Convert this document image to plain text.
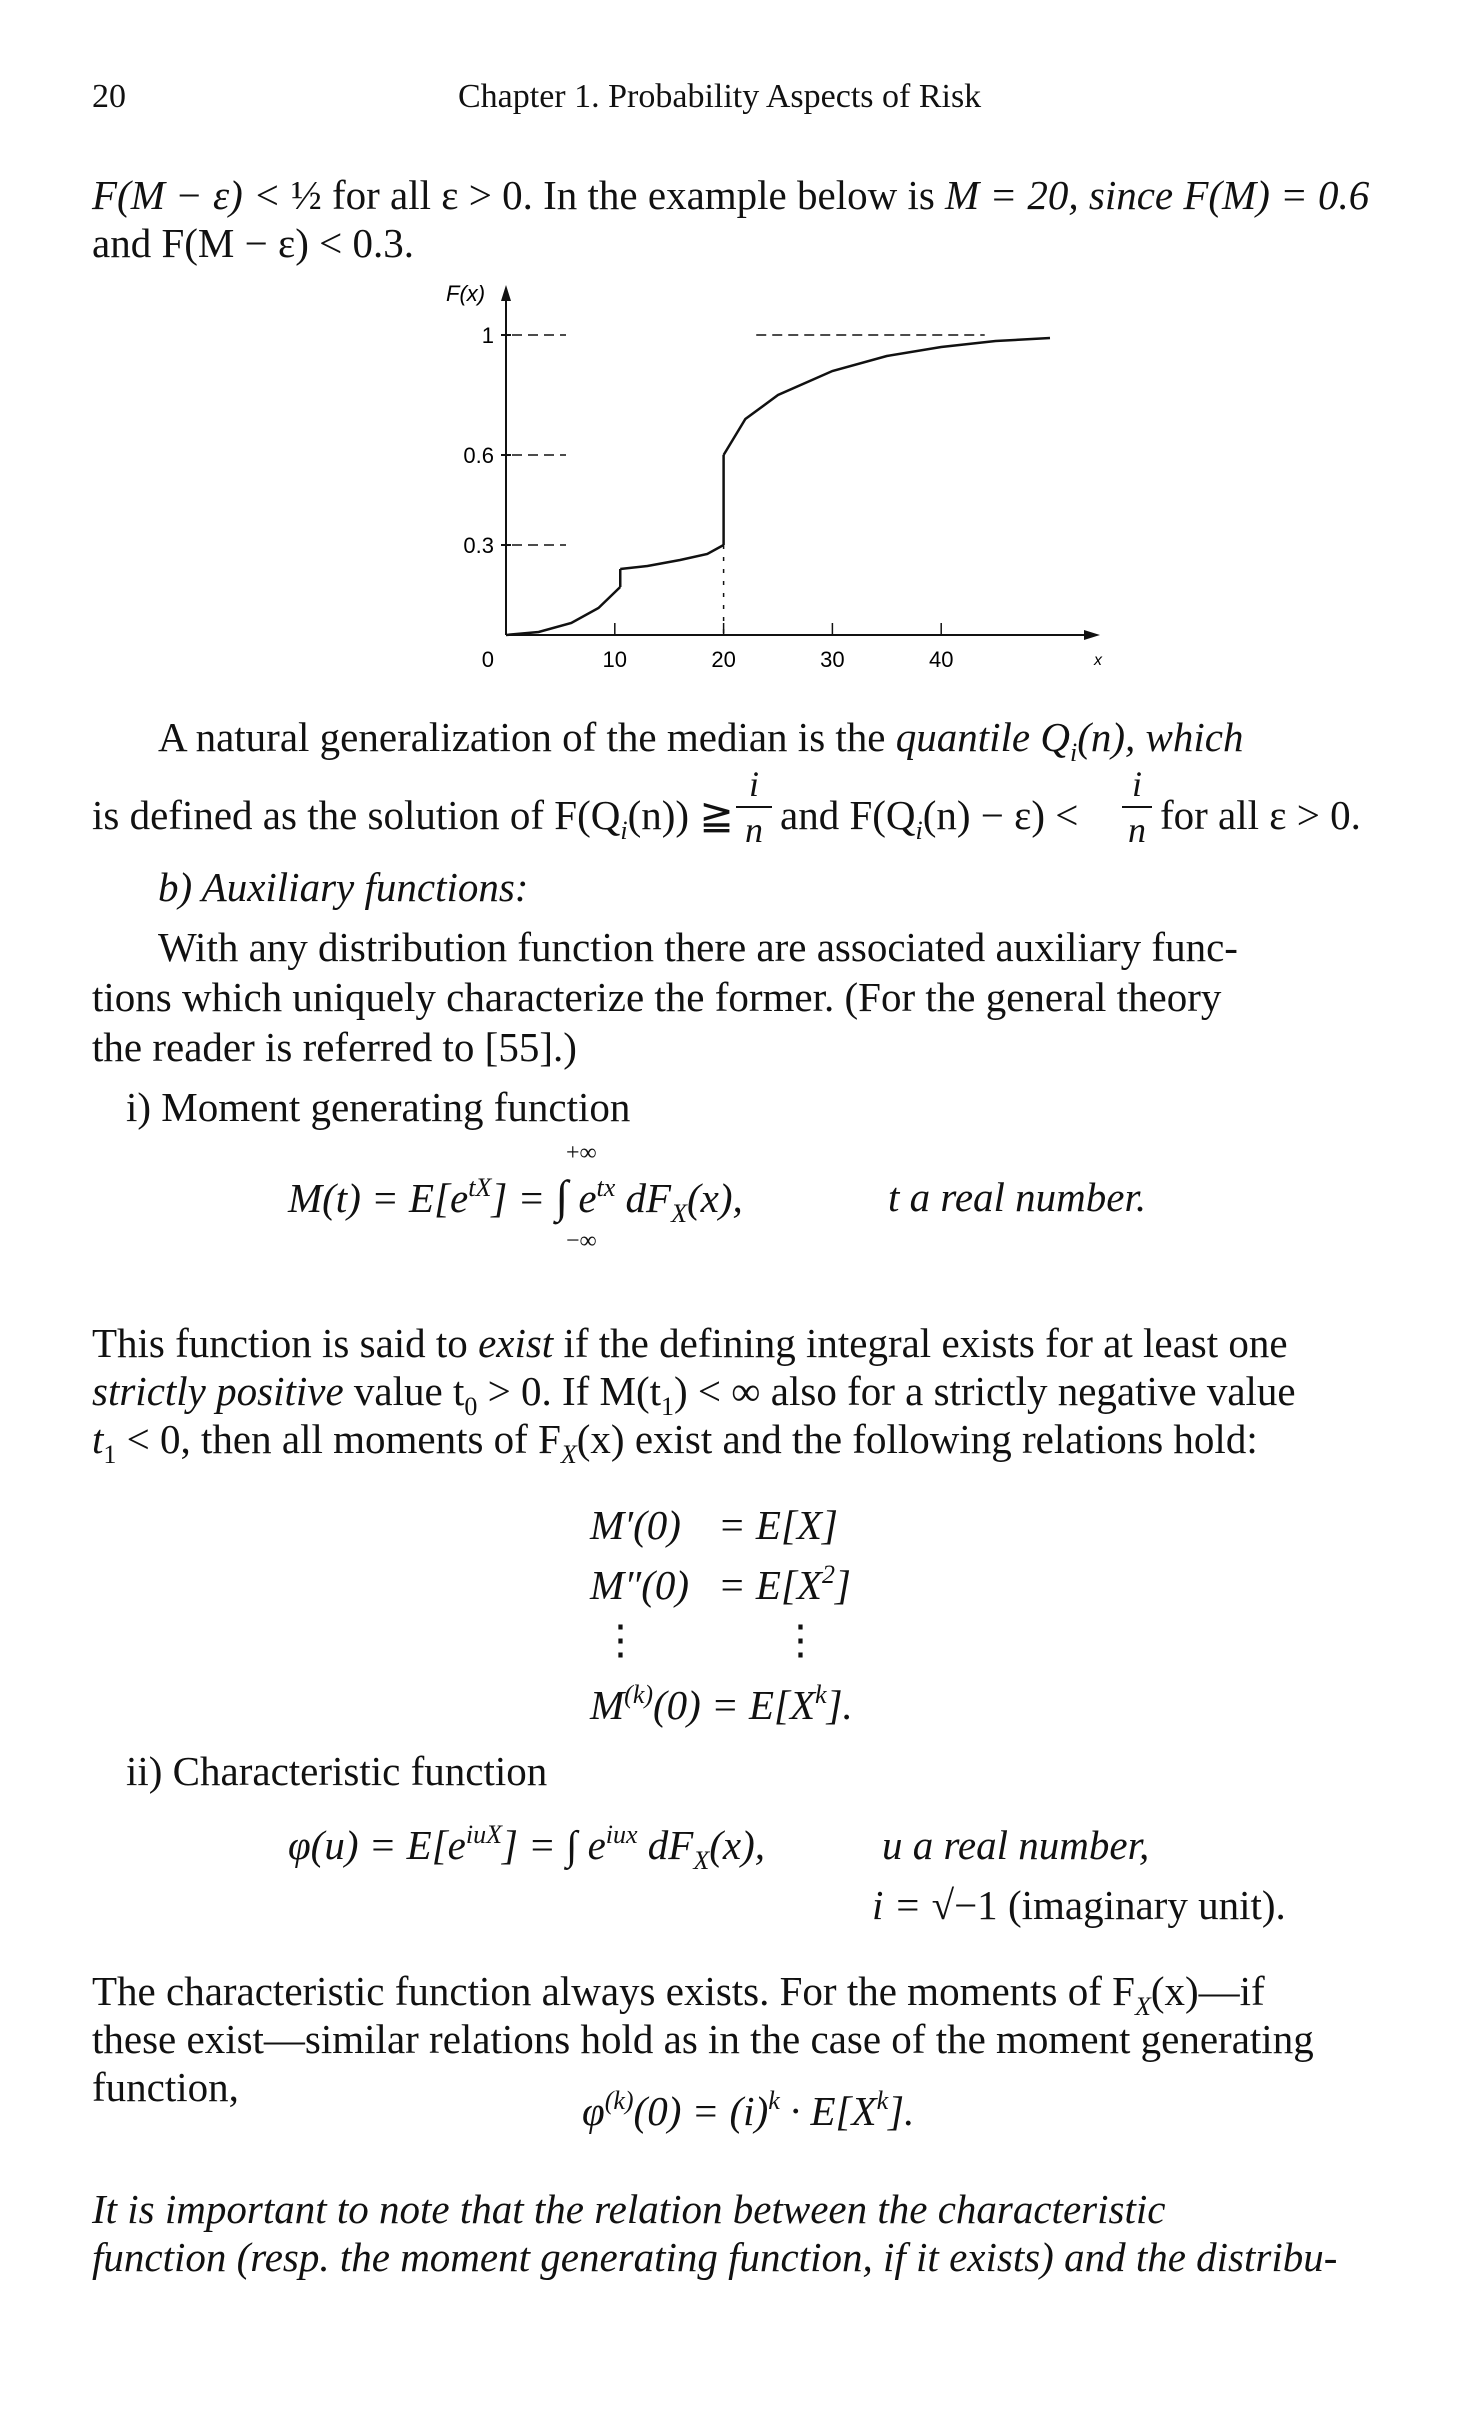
20	Chapter 1. Probability Aspects of Risk
F(M − ε) < ½ for all ε > 0. In the example below is M = 20, since F(M) = 0.6
and F(M − ε) < 0.3.
F(x)
x
0.3
0.6
1
0	10	20	30	40
A natural generalization of the median is the quantile $Q_i(n)$, which
is defined as the solution of $F(Q_i(n))$ ≧
i
n and $F(Q_i(n) - \varepsilon)$ <
i
n for all ε > 0.
b) Auxiliary functions:
With any distribution function there are associated auxiliary func-
tions which uniquely characterize the former. (For the general theory
the reader is referred to [55].)
i) Moment generating function
+∞
$M(t) = E[e^{tX}]$ = ∫ $e^{tx}$ $dF_X(x)$,	t a real number.
−∞
This function is said to exist if the defining integral exists for at least one
strictly positive value $t_0 > 0$. If $M(t_1)$ < ∞ also for a strictly negative value
$t_1 < 0$, then all moments of $F_X(x)$ exist and the following relations hold:
M′(0) = E[X]
$M''(0) = E[X^2]$
⋮	⋮
$M^{(k)}(0) = E[X^k]$.
ii) Characteristic function
$\varphi(u) = E[e^{iuX}]$ = ∫ $e^{iux}$ $dF_X(x)$,	u a real number,
i = √−1 (imaginary unit).
The characteristic function always exists. For the moments of $F_X(x)—if$
these exist—similar relations hold as in the case of the moment generating
function,
$\varphi^{(k)}(0) = (i)^k \cdot E[X^k]$.
It is important to note that the relation between the characteristic
function (resp. the moment generating function, if it exists) and the distribu-
